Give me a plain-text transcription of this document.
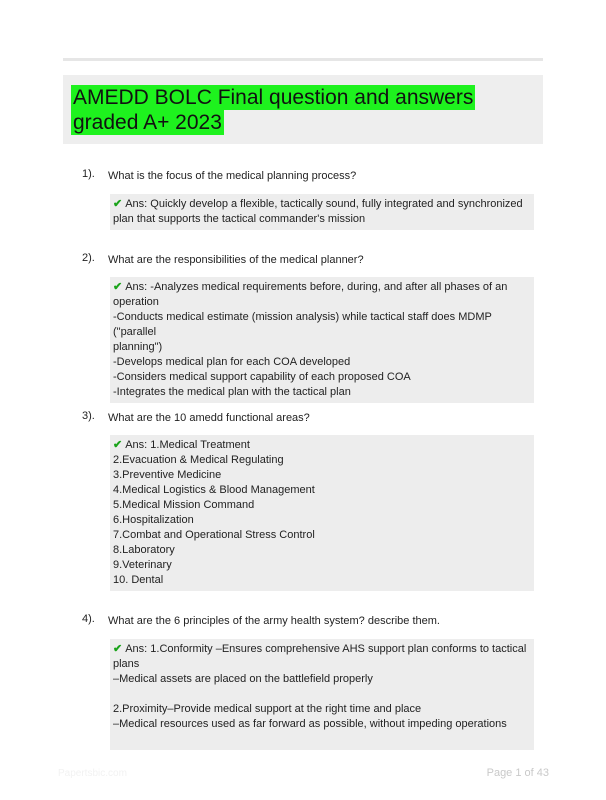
AMEDD BOLC Final question and answers
graded A+ 2023
1). What is the focus of the medical planning process?
✔ Ans: Quickly develop a flexible, tactically sound, fully integrated and synchronized
plan that supports the tactical commander's mission
2). What are the responsibilities of the medical planner?
✔ Ans: -Analyzes medical requirements before, during, and after all phases of an
operation
-Conducts medical estimate (mission analysis) while tactical staff does MDMP ("parallel
planning")
-Develops medical plan for each COA developed
-Considers medical support capability of each proposed COA
-Integrates the medical plan with the tactical plan
3). What are the 10 amedd functional areas?
✔ Ans: 1.Medical Treatment
2.Evacuation & Medical Regulating
3.Preventive Medicine
4.Medical Logistics & Blood Management
5.Medical Mission Command
6.Hospitalization
7.Combat and Operational Stress Control
8.Laboratory
9.Veterinary
10. Dental
4). What are the 6 principles of the army health system? describe them.
✔ Ans: 1.Conformity –Ensures comprehensive AHS support plan conforms to tactical
plans
–Medical assets are placed on the battlefield properly
2.Proximity–Provide medical support at the right time and place
–Medical resources used as far forward as possible, without impeding operations
Papertsbic.com	Page 1 of 43
